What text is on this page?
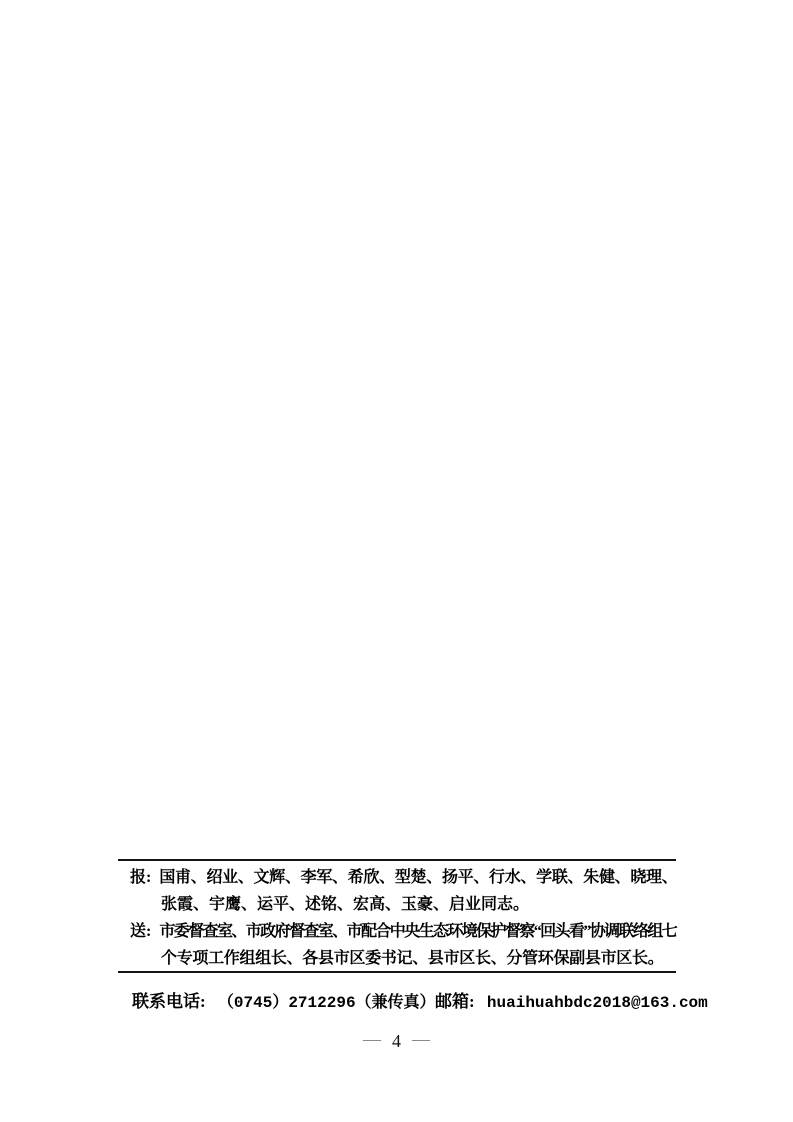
报: 国甫、绍业、文辉、李军、希欣、型楚、扬平、行水、学联、朱健、晓理、
张霞、宇鹰、运平、述铭、宏高、玉豪、启业同志。
送: 市委督查室、市政府督查室、市配合中央生态环境保护督察“回头看”协调联络组七
个专项工作组组长、各县市区委书记、县市区长、分管环保副县市区长。
联系电话: （0745）2712296（兼传真） 邮箱: huaihuahbdc2018@163.com
— 4 —
